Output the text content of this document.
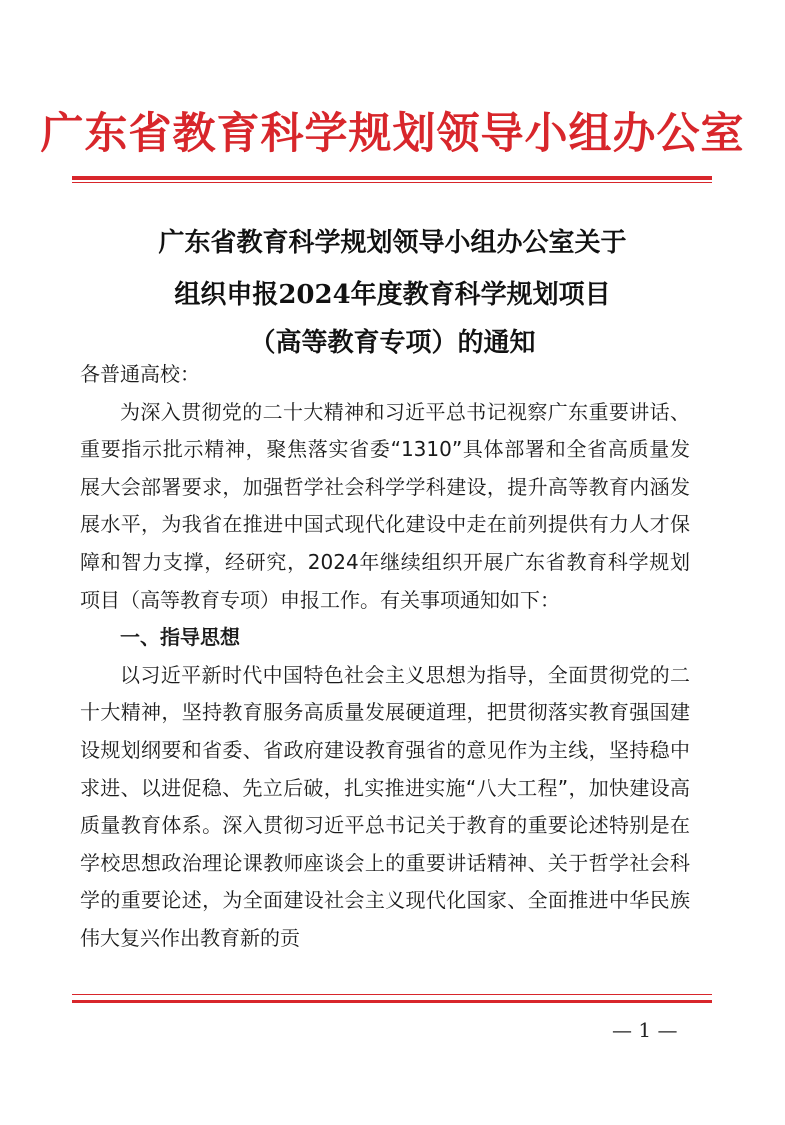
广东省教育科学规划领导小组办公室
广东省教育科学规划领导小组办公室关于
组织申报2024年度教育科学规划项目
（高等教育专项）的通知

各普通高校：

为深入贯彻党的二十大精神和习近平总书记视察广东重要讲话、重要指示批示精神，聚焦落实省委“1310”具体部署和全省高质量发展大会部署要求，加强哲学社会科学学科建设，提升高等教育内涵发展水平，为我省在推进中国式现代化建设中走在前列提供有力人才保障和智力支撑，经研究，2024年继续组织开展广东省教育科学规划项目（高等教育专项）申报工作。有关事项通知如下：

一、指导思想

以习近平新时代中国特色社会主义思想为指导，全面贯彻党的二十大精神，坚持教育服务高质量发展硬道理，把贯彻落实教育强国建设规划纲要和省委、省政府建设教育强省的意见作为主线，坚持稳中求进、以进促稳、先立后破，扎实推进实施“八大工程”，加快建设高质量教育体系。深入贯彻习近平总书记关于教育的重要论述特别是在学校思想政治理论课教师座谈会上的重要讲话精神、关于哲学社会科学的重要论述，为全面建设社会主义现代化国家、全面推进中华民族伟大复兴作出教育新的贡

— 1 —
